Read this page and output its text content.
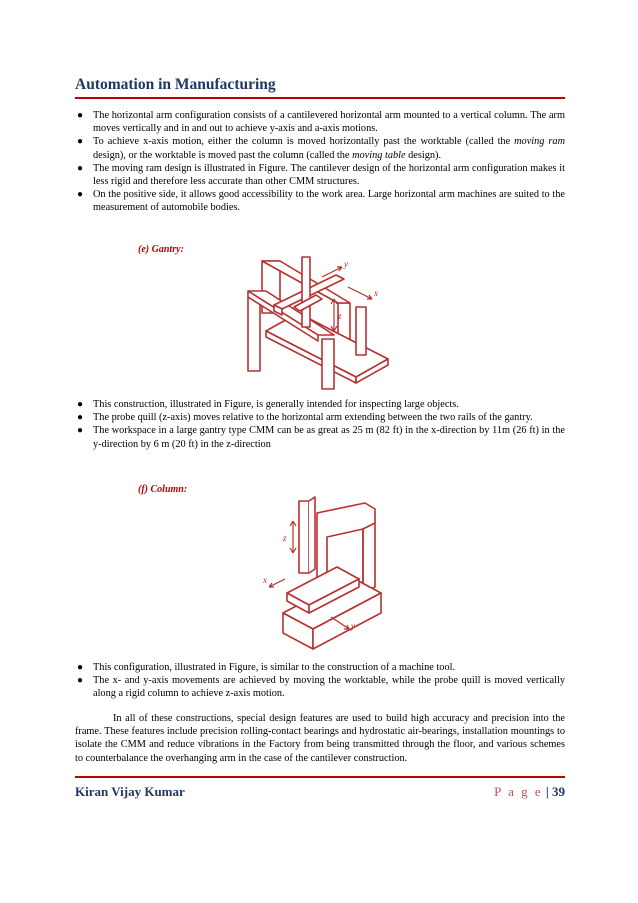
Automation in Manufacturing
● The horizontal arm configuration consists of a cantilevered horizontal arm mounted to a vertical column. The arm moves vertically and in and out to achieve y-axis and a-axis motions.
● To achieve x-axis motion, either the column is moved horizontally past the worktable (called the moving ram design), or the worktable is moved past the column (called the moving table design).
● The moving ram design is illustrated in Figure. The cantilever design of the horizontal arm configuration makes it less rigid and therefore less accurate than other CMM structures.
● On the positive side, it allows good accessibility to the work area. Large horizontal arm machines are suited to the measurement of automobile bodies.
(e) Gantry:
y
x
z
● This construction, illustrated in Figure, is generally intended for inspecting large objects.
● The probe quill (z-axis) moves relative to the horizontal arm extending between the two rails of the gantry.
● The workspace in a large gantry type CMM can be as great as 25 m (82 ft) in the x-direction by 11m (26 ft) in the y-direction by 6 m (20 ft) in the z-direction
(f) Column:
z
x
y
● This configuration, illustrated in Figure, is similar to the construction of a machine tool.
● The x- and y-axis movements are achieved by moving the worktable, while the probe quill is moved vertically along a rigid column to achieve z-axis motion.

In all of these constructions, special design features are used to build high accuracy and precision into the frame. These features include precision rolling-contact bearings and hydrostatic air-bearings, installation mountings to isolate the CMM and reduce vibrations in the Factory from being transmitted through the floor, and various schemes to counterbalance the overhanging arm in the case of the cantilever construction.

Kiran Vijay Kumar	P a g e | 39
